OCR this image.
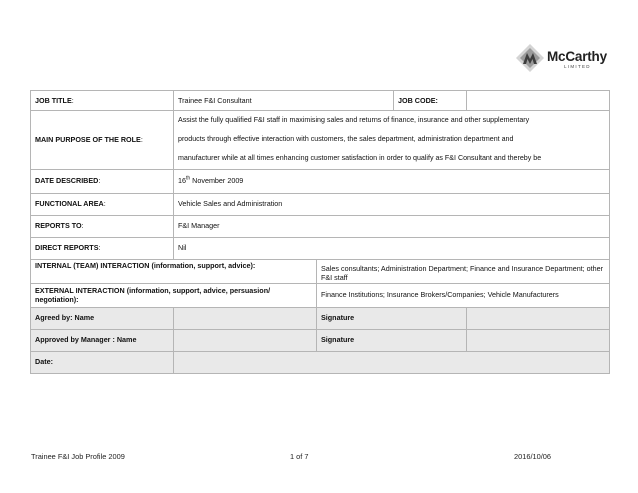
McCarthy
LIMITED
JOB TITLE:	Trainee F&I Consultant		JOB CODE:	
MAIN PURPOSE OF THE ROLE:	Assist the fully qualified F&I staff in maximising sales and returns of finance, insurance and other supplementary

products through effective interaction with customers, the sales department, administration department and

manufacturer while at all times enhancing customer satisfaction in order to qualify as F&I Consultant and thereby be			

DATE DESCRIBED:	16th November 2009			
FUNCTIONAL AREA:	Vehicle Sales and Administration			
REPORTS TO:	F&I Manager			
DIRECT REPORTS:	Nil			

INTERNAL (TEAM) INTERACTION (information, support, advice):		Sales consultants; Administration Department; Finance and Insurance Department; other F&I staff		

EXTERNAL INTERACTION (information, support, advice, persuasion/ negotiation):		Finance Institutions; Insurance Brokers/Companies; Vehicle Manufacturers		
Agreed by: Name		Signature		
Approved by Manager : Name		Signature		
Date:				
Trainee F&I Job Profile 2009	1 of 7	2016/10/06
